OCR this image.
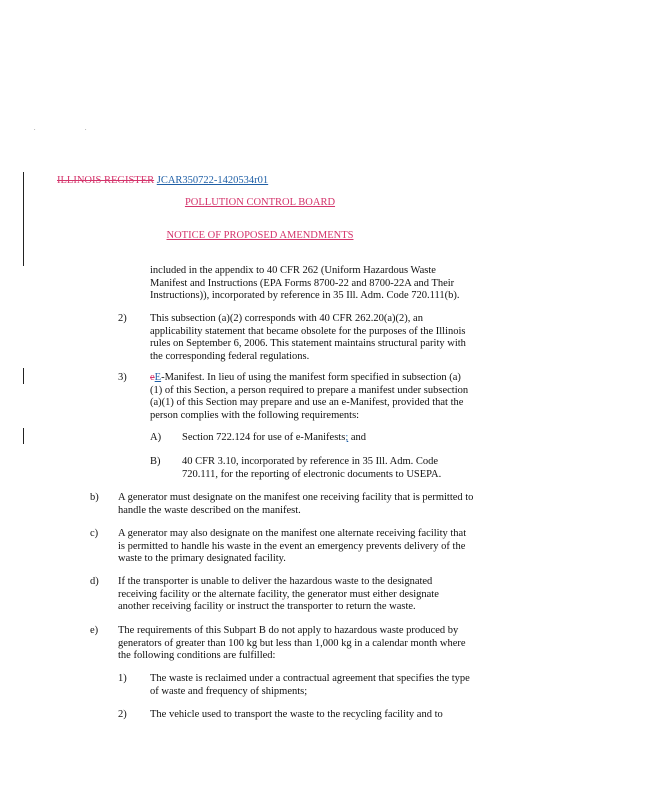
. .
ILLINOIS REGISTER JCAR350722-1420534r01
POLLUTION CONTROL BOARD
NOTICE OF PROPOSED AMENDMENTS
included in the appendix to 40 CFR 262 (Uniform Hazardous Waste Manifest and Instructions (EPA Forms 8700-22 and 8700-22A and Their Instructions)), incorporated by reference in 35 Ill. Adm. Code 720.111(b).
2) This subsection (a)(2) corresponds with 40 CFR 262.20(a)(2), an applicability statement that became obsolete for the purposes of the Illinois rules on September 6, 2006. This statement maintains structural parity with the corresponding federal regulations.
3) eE-Manifest. In lieu of using the manifest form specified in subsection (a)(1) of this Section, a person required to prepare a manifest under subsection (a)(1) of this Section may prepare and use an e-Manifest, provided that the person complies with the following requirements:
A) Section 722.124 for use of e-Manifests; and
B) 40 CFR 3.10, incorporated by reference in 35 Ill. Adm. Code 720.111, for the reporting of electronic documents to USEPA.
b) A generator must designate on the manifest one receiving facility that is permitted to handle the waste described on the manifest.
c) A generator may also designate on the manifest one alternate receiving facility that is permitted to handle his waste in the event an emergency prevents delivery of the waste to the primary designated facility.
d) If the transporter is unable to deliver the hazardous waste to the designated receiving facility or the alternate facility, the generator must either designate another receiving facility or instruct the transporter to return the waste.
e) The requirements of this Subpart B do not apply to hazardous waste produced by generators of greater than 100 kg but less than 1,000 kg in a calendar month where the following conditions are fulfilled:
1) The waste is reclaimed under a contractual agreement that specifies the type of waste and frequency of shipments;
2) The vehicle used to transport the waste to the recycling facility and to
